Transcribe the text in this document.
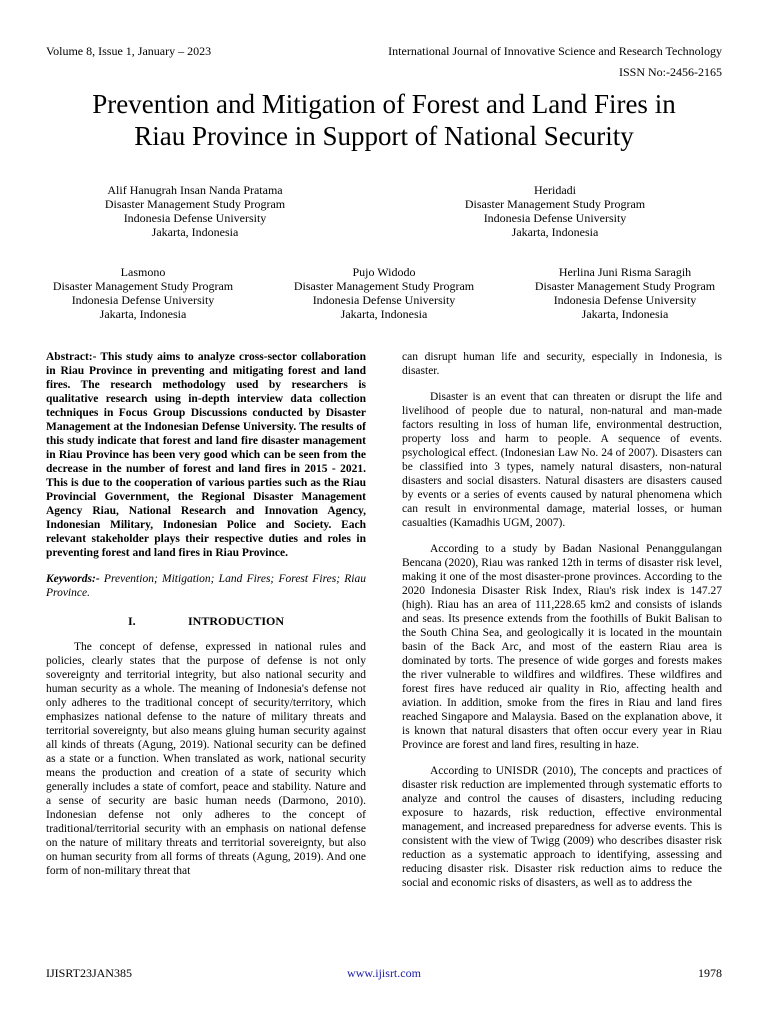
Volume 8, Issue 1, January – 2023	International Journal of Innovative Science and Research Technology
ISSN No:-2456-2165
Prevention and Mitigation of Forest and Land Fires in
Riau Province in Support of National Security
Alif Hanugrah Insan Nanda Pratama
Disaster Management Study Program
Indonesia Defense University
Jakarta, Indonesia
Heridadi
Disaster Management Study Program
Indonesia Defense University
Jakarta, Indonesia
Lasmono
Disaster Management Study Program
Indonesia Defense University
Jakarta, Indonesia
Pujo Widodo
Disaster Management Study Program
Indonesia Defense University
Jakarta, Indonesia
Herlina Juni Risma Saragih
Disaster Management Study Program
Indonesia Defense University
Jakarta, Indonesia

Abstract:- This study aims to analyze cross-sector collaboration in Riau Province in preventing and mitigating forest and land fires. The research methodology used by researchers is qualitative research using in-depth interview data collection techniques in Focus Group Discussions conducted by Disaster Management at the Indonesian Defense University. The results of this study indicate that forest and land fire disaster management in Riau Province has been very good which can be seen from the decrease in the number of forest and land fires in 2015 - 2021. This is due to the cooperation of various parties such as the Riau Provincial Government, the Regional Disaster Management Agency Riau, National Research and Innovation Agency, Indonesian Military, Indonesian Police and Society. Each relevant stakeholder plays their respective duties and roles in preventing forest and land fires in Riau Province.

Keywords:- Prevention; Mitigation; Land Fires; Forest Fires; Riau Province.

I.	INTRODUCTION

The concept of defense, expressed in national rules and policies, clearly states that the purpose of defense is not only sovereignty and territorial integrity, but also national security and human security as a whole. The meaning of Indonesia's defense not only adheres to the traditional concept of security/territory, which emphasizes national defense to the nature of military threats and territorial sovereignty, but also means gluing human security against all kinds of threats (Agung, 2019). National security can be defined as a state or a function. When translated as work, national security means the production and creation of a state of security which generally includes a state of comfort, peace and stability. Nature and a sense of security are basic human needs (Darmono, 2010). Indonesian defense not only adheres to the concept of traditional/territorial security with an emphasis on national defense on the nature of military threats and territorial sovereignty, but also on human security from all forms of threats (Agung, 2019). And one form of non-military threat that

can disrupt human life and security, especially in Indonesia, is disaster.

Disaster is an event that can threaten or disrupt the life and livelihood of people due to natural, non-natural and man-made factors resulting in loss of human life, environmental destruction, property loss and harm to people. A sequence of events. psychological effect. (Indonesian Law No. 24 of 2007). Disasters can be classified into 3 types, namely natural disasters, non-natural disasters and social disasters. Natural disasters are disasters caused by events or a series of events caused by natural phenomena which can result in environmental damage, material losses, or human casualties (Kamadhis UGM, 2007).

According to a study by Badan Nasional Penanggulangan Bencana (2020), Riau was ranked 12th in terms of disaster risk level, making it one of the most disaster-prone provinces. According to the 2020 Indonesia Disaster Risk Index, Riau's risk index is 147.27 (high). Riau has an area of 111,228.65 km2 and consists of islands and seas. Its presence extends from the foothills of Bukit Balisan to the South China Sea, and geologically it is located in the mountain basin of the Back Arc, and most of the eastern Riau area is dominated by torts. The presence of wide gorges and forests makes the river vulnerable to wildfires and wildfires. These wildfires and forest fires have reduced air quality in Rio, affecting health and aviation. In addition, smoke from the fires in Riau and land fires reached Singapore and Malaysia. Based on the explanation above, it is known that natural disasters that often occur every year in Riau Province are forest and land fires, resulting in haze.

According to UNISDR (2010), The concepts and practices of disaster risk reduction are implemented through systematic efforts to analyze and control the causes of disasters, including reducing exposure to hazards, risk reduction, effective environmental management, and increased preparedness for adverse events. This is consistent with the view of Twigg (2009) who describes disaster risk reduction as a systematic approach to identifying, assessing and reducing disaster risk. Disaster risk reduction aims to reduce the social and economic risks of disasters, as well as to address the

IJISRT23JAN385	www.ijisrt.com	1978
